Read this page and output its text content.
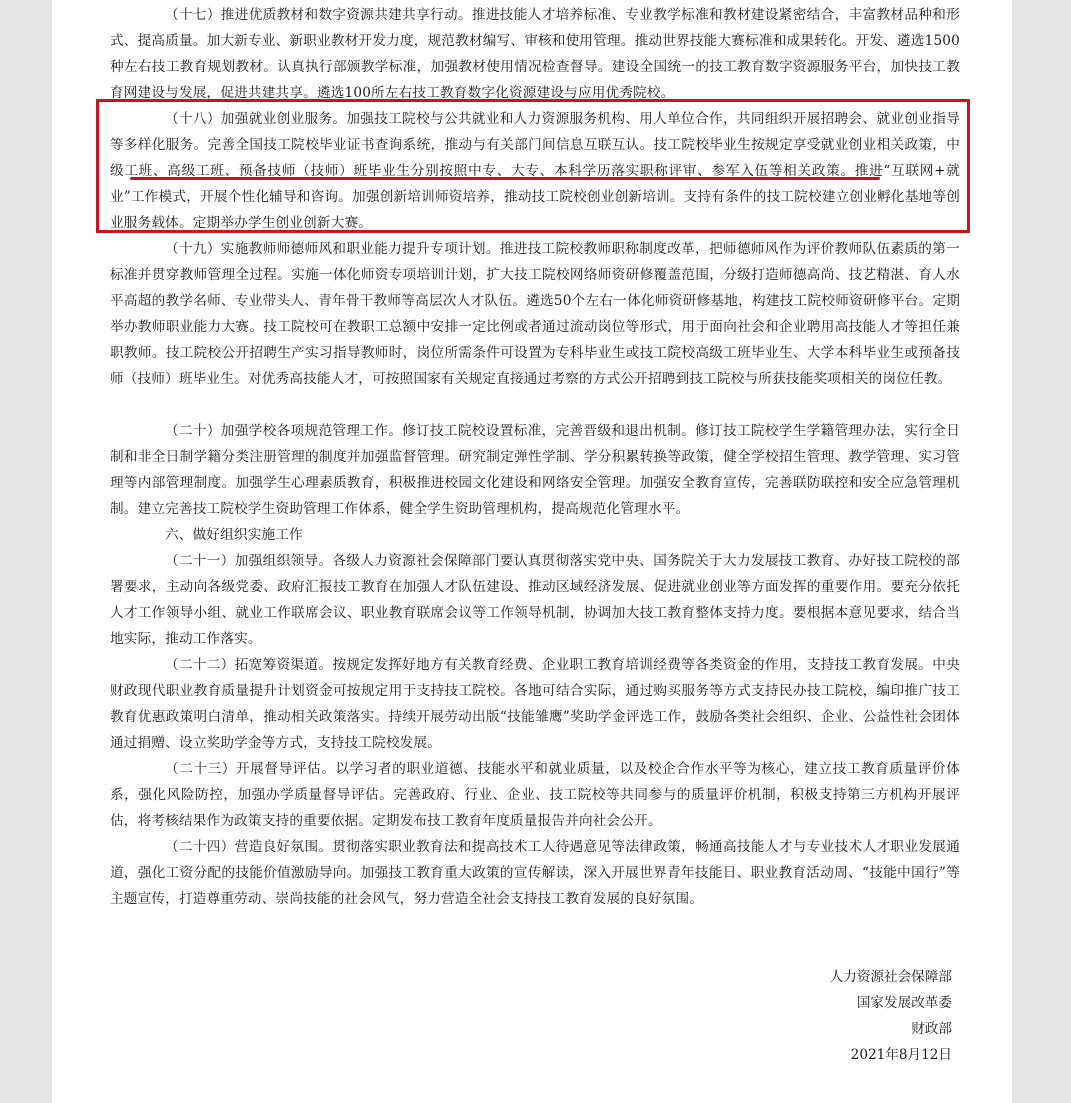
（十七）推进优质教材和数字资源共建共享行动。推进技能人才培养标准、专业教学标准和教材建设紧密结合，丰富教材品种和形式、提高质量。加大新专业、新职业教材开发力度，规范教材编写、审核和使用管理。推动世界技能大赛标准和成果转化。开发、遴选1500种左右技工教育规划教材。认真执行部颁教学标准，加强教材使用情况检查督导。建设全国统一的技工教育数字资源服务平台，加快技工教育网建设与发展，促进共建共享。遴选100所左右技工教育数字化资源建设与应用优秀院校。

（十八）加强就业创业服务。加强技工院校与公共就业和人力资源服务机构、用人单位合作，共同组织开展招聘会、就业创业指导等多样化服务。完善全国技工院校毕业证书查询系统，推动与有关部门间信息互联互认。技工院校毕业生按规定享受就业创业相关政策，中级工班、高级工班、预备技师（技师）班毕业生分别按照中专、大专、本科学历落实职称评审、参军入伍等相关政策。推进“互联网+就业”工作模式，开展个性化辅导和咨询。加强创新培训师资培养，推动技工院校创业创新培训。支持有条件的技工院校建立创业孵化基地等创业服务载体。定期举办学生创业创新大赛。

（十九）实施教师师德师风和职业能力提升专项计划。推进技工院校教师职称制度改革，把师德师风作为评价教师队伍素质的第一标准并贯穿教师管理全过程。实施一体化师资专项培训计划，扩大技工院校网络师资研修覆盖范围，分级打造师德高尚、技艺精湛、育人水平高超的教学名师、专业带头人、青年骨干教师等高层次人才队伍。遴选50个左右一体化师资研修基地，构建技工院校师资研修平台。定期举办教师职业能力大赛。技工院校可在教职工总额中安排一定比例或者通过流动岗位等形式，用于面向社会和企业聘用高技能人才等担任兼职教师。技工院校公开招聘生产实习指导教师时，岗位所需条件可设置为专科毕业生或技工院校高级工班毕业生、大学本科毕业生或预备技师（技师）班毕业生。对优秀高技能人才，可按照国家有关规定直接通过考察的方式公开招聘到技工院校与所获技能奖项相关的岗位任教。

（二十）加强学校各项规范管理工作。修订技工院校设置标准，完善晋级和退出机制。修订技工院校学生学籍管理办法，实行全日制和非全日制学籍分类注册管理的制度并加强监督管理。研究制定弹性学制、学分积累转换等政策，健全学校招生管理、教学管理、实习管理等内部管理制度。加强学生心理素质教育，积极推进校园文化建设和网络安全管理。加强安全教育宣传，完善联防联控和安全应急管理机制。建立完善技工院校学生资助管理工作体系，健全学生资助管理机构，提高规范化管理水平。

六、做好组织实施工作

（二十一）加强组织领导。各级人力资源社会保障部门要认真贯彻落实党中央、国务院关于大力发展技工教育、办好技工院校的部署要求，主动向各级党委、政府汇报技工教育在加强人才队伍建设、推动区域经济发展、促进就业创业等方面发挥的重要作用。要充分依托人才工作领导小组、就业工作联席会议、职业教育联席会议等工作领导机制，协调加大技工教育整体支持力度。要根据本意见要求，结合当地实际，推动工作落实。

（二十二）拓宽筹资渠道。按规定发挥好地方有关教育经费、企业职工教育培训经费等各类资金的作用，支持技工教育发展。中央财政现代职业教育质量提升计划资金可按规定用于支持技工院校。各地可结合实际，通过购买服务等方式支持民办技工院校，编印推广技工教育优惠政策明白清单，推动相关政策落实。持续开展劳动出版“技能雏鹰”奖助学金评选工作，鼓励各类社会组织、企业、公益性社会团体通过捐赠、设立奖助学金等方式，支持技工院校发展。

（二十三）开展督导评估。以学习者的职业道德、技能水平和就业质量，以及校企合作水平等为核心，建立技工教育质量评价体系，强化风险防控，加强办学质量督导评估。完善政府、行业、企业、技工院校等共同参与的质量评价机制，积极支持第三方机构开展评估，将考核结果作为政策支持的重要依据。定期发布技工教育年度质量报告并向社会公开。

（二十四）营造良好氛围。贯彻落实职业教育法和提高技术工人待遇意见等法律政策，畅通高技能人才与专业技术人才职业发展通道，强化工资分配的技能价值激励导向。加强技工教育重大政策的宣传解读，深入开展世界青年技能日、职业教育活动周、“技能中国行”等主题宣传，打造尊重劳动、崇尚技能的社会风气，努力营造全社会支持技工教育发展的良好氛围。

人力资源社会保障部

国家发展改革委

财政部

2021年8月12日
